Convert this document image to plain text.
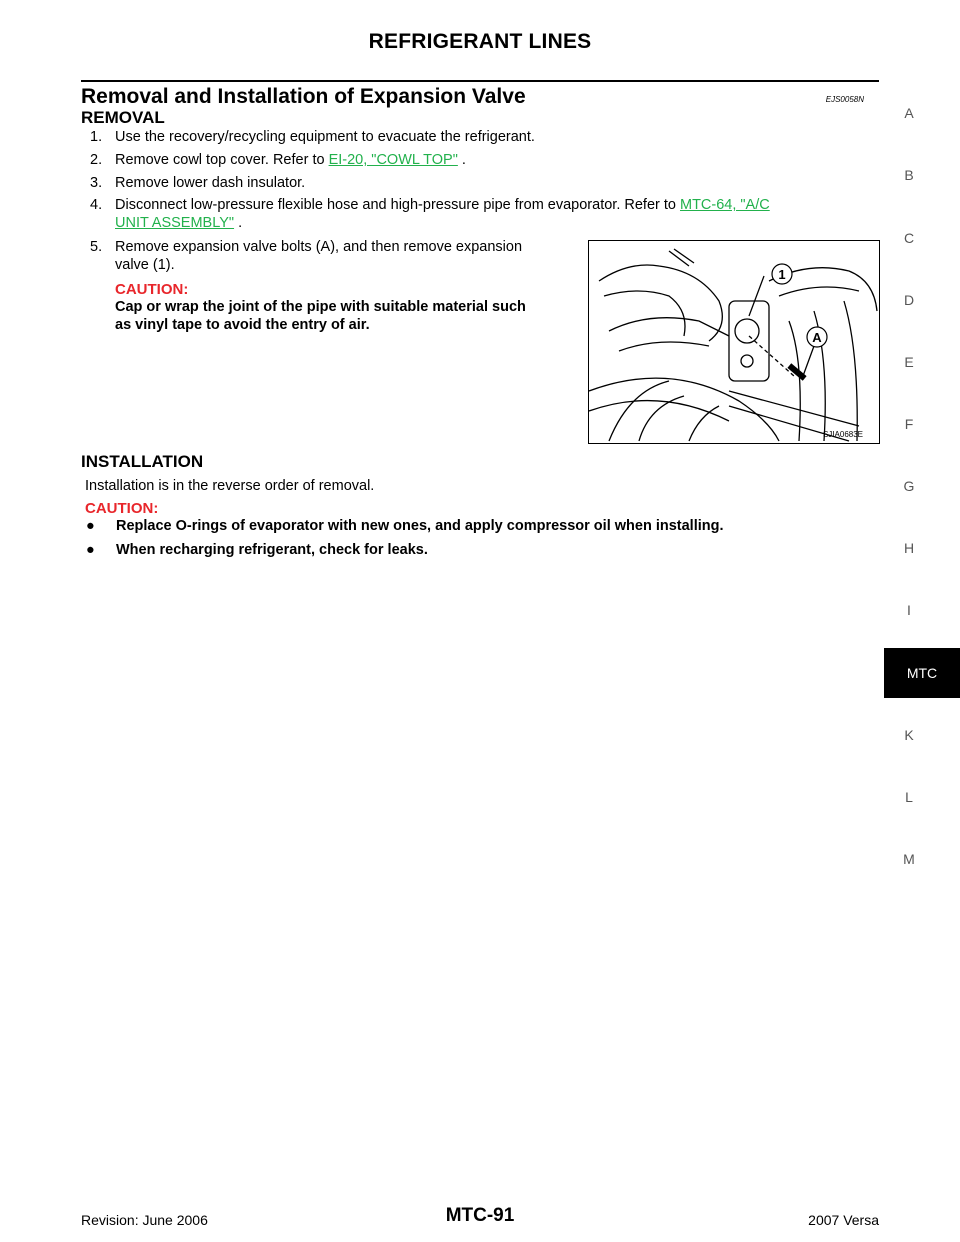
REFRIGERANT LINES
Removal and Installation of Expansion Valve	EJS0058N
REMOVAL
1. Use the recovery/recycling equipment to evacuate the refrigerant.
2. Remove cowl top cover. Refer to EI-20, "COWL TOP" .
3. Remove lower dash insulator.
4. Disconnect low-pressure flexible hose and high-pressure pipe from evaporator. Refer to MTC-64, "A/C
UNIT ASSEMBLY" .
5. Remove expansion valve bolts (A), and then remove expansion
valve (1).
CAUTION:
Cap or wrap the joint of the pipe with suitable material such
as vinyl tape to avoid the entry of air.
1
A
SJIA0683E
INSTALLATION
Installation is in the reverse order of removal.
CAUTION:
● Replace O-rings of evaporator with new ones, and apply compressor oil when installing.
● When recharging refrigerant, check for leaks.
A
B
C
D
E
F
G
H
I
K
L
M
MTC
Revision: June 2006	MTC-91	2007 Versa
